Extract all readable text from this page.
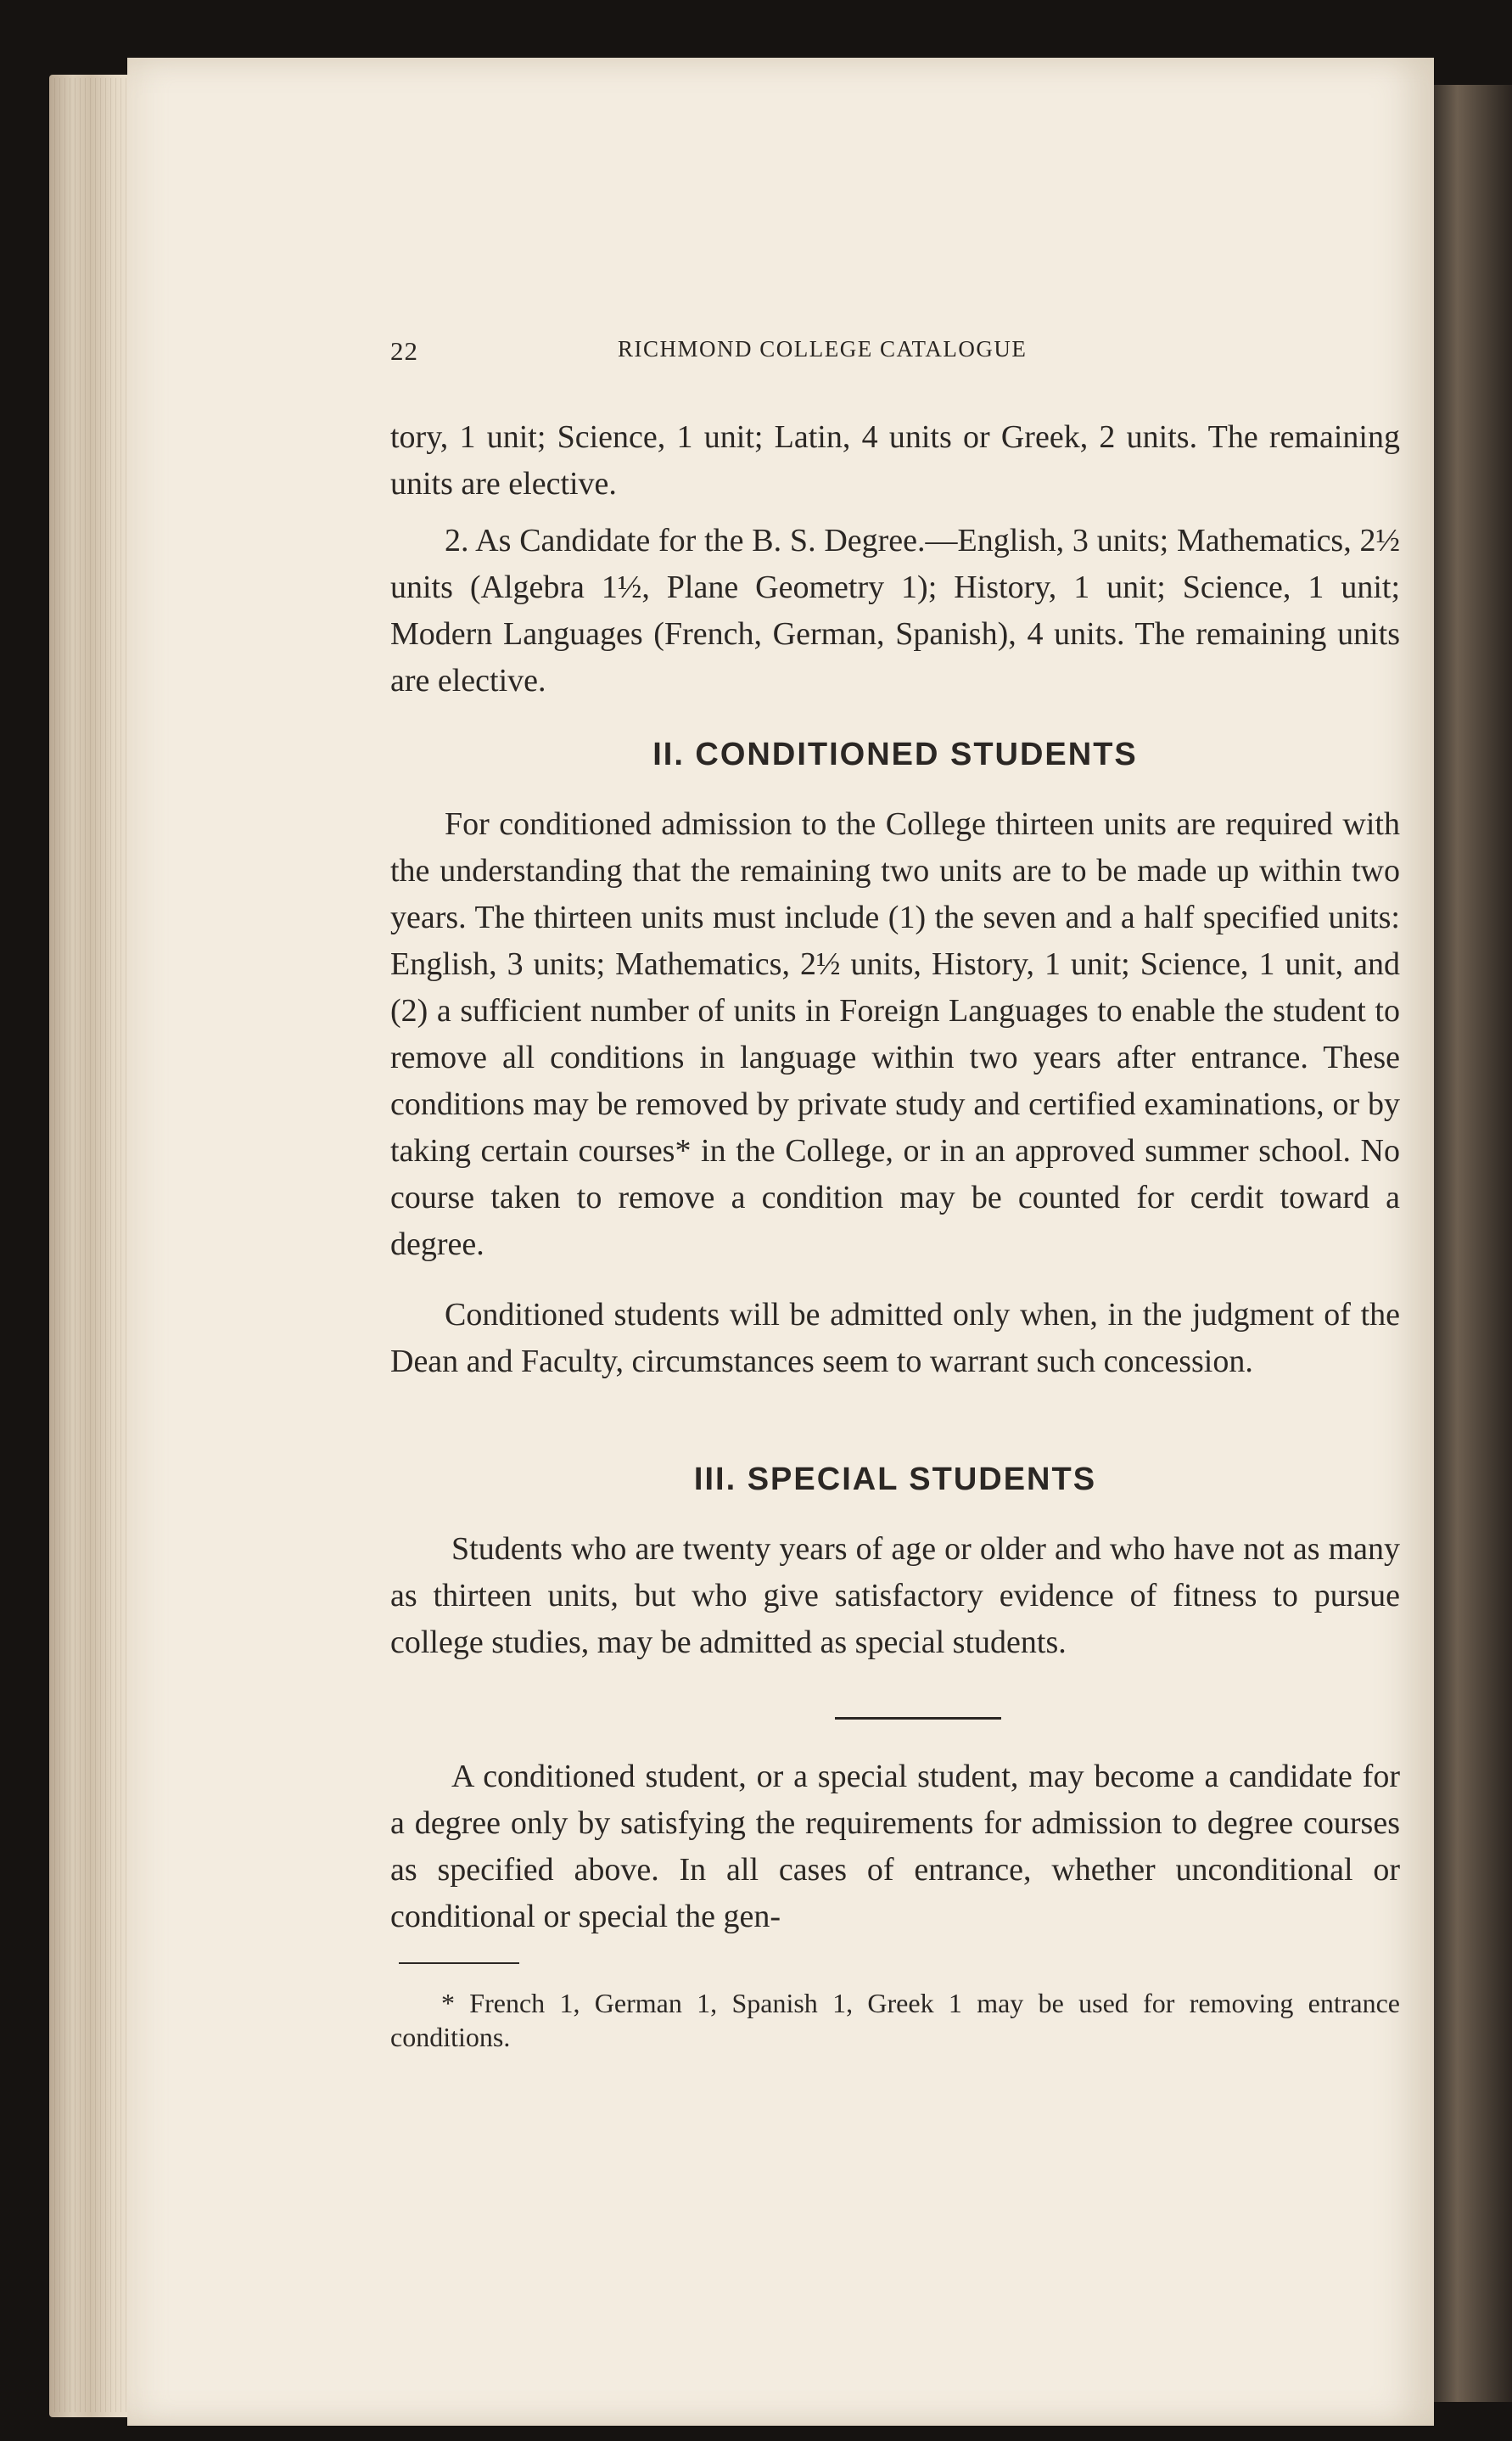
22	RICHMOND COLLEGE CATALOGUE
tory, 1 unit; Science, 1 unit; Latin, 4 units or Greek, 2 units. The remaining units are elective.
2. As Candidate for the B. S. Degree.—English, 3 units; Mathematics, 2½ units (Algebra 1½, Plane Geometry 1); History, 1 unit; Science, 1 unit; Modern Languages (French, German, Spanish), 4 units. The remaining units are elective.
II. CONDITIONED STUDENTS
For conditioned admission to the College thirteen units are required with the understanding that the remaining two units are to be made up within two years. The thirteen units must include (1) the seven and a half specified units: English, 3 units; Mathematics, 2½ units, History, 1 unit; Science, 1 unit, and (2) a sufficient number of units in Foreign Languages to enable the student to remove all conditions in language within two years after entrance. These conditions may be removed by private study and certified examinations, or by taking certain courses* in the College, or in an approved summer school. No course taken to remove a condition may be counted for cerdit toward a degree.
Conditioned students will be admitted only when, in the judgment of the Dean and Faculty, circumstances seem to warrant such concession.
III. SPECIAL STUDENTS
Students who are twenty years of age or older and who have not as many as thirteen units, but who give satisfactory evidence of fitness to pursue college studies, may be admitted as special students.
A conditioned student, or a special student, may become a candidate for a degree only by satisfying the requirements for admission to degree courses as specified above. In all cases of entrance, whether unconditional or conditional or special the gen-
* French 1, German 1, Spanish 1, Greek 1 may be used for removing entrance conditions.
